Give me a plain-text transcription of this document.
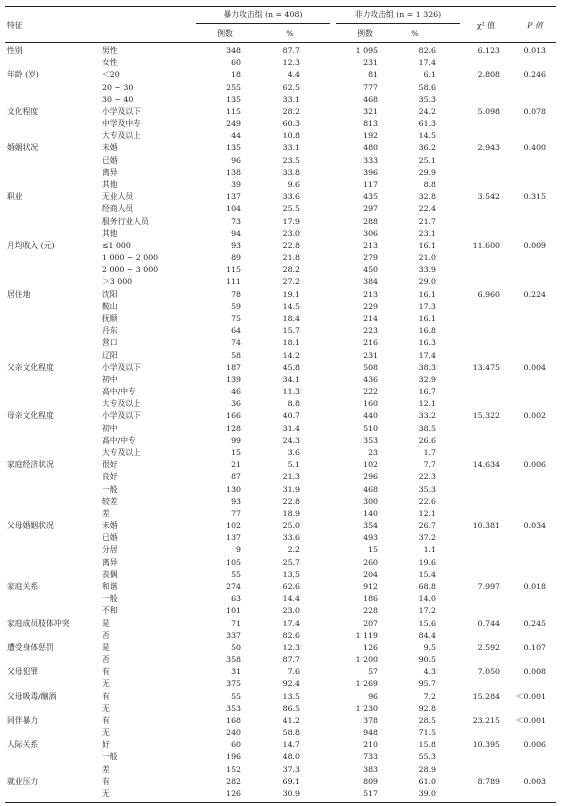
特征
暴力攻击组 (n = 408)	非力攻击组 (n = 1 326)
例数	%	例数	%
χ² 值	P 值
性别	男性	348	87.7	1 095	82.6	6.123	0.013
女性	60	12.3	231	17.4
年龄 (岁)	＜20	18	4.4	81	6.1	2.808	0.246
20 ~ 30	255	62.5	777	58.6
30 ~ 40	135	33.1	468	35.3
文化程度	小学及以下	115	28.2	321	24.2	5.098	0.078
中学及中专	249	60.3	813	61.3
大专及以上	44	10.8	192	14.5
婚姻状况	未婚	135	33.1	480	36.2	2.943	0.400
已婚	96	23.5	333	25.1
离异	138	33.8	396	29.9
其他	39	9.6	117	8.8
职业	无业人员	137	33.6	435	32.8	3.542	0.315
经商人员	104	25.5	297	22.4
服务行业人员	73	17.9	288	21.7
其他	94	23.0	306	23.1
月均收入 (元)	≤1 000	93	22.8	213	16.1	11.600	0.009
1 000 ~ 2 000	89	21.8	279	21.0
2 000 ~ 3 000	115	28.2	450	33.9
＞3 000	111	27.2	384	29.0
居住地	沈阳	78	19.1	213	16.1	6.960	0.224
鞍山	59	14.5	229	17.3
抚顺	75	18.4	214	16.1
丹东	64	15.7	223	16.8
营口	74	18.1	216	16.3
辽阳	58	14.2	231	17.4
父亲文化程度	小学及以下	187	45.8	508	38.3	13.475	0.004
初中	139	34.1	436	32.9
高中/中专	46	11.3	222	16.7
大专及以上	36	8.8	160	12.1
母亲文化程度	小学及以下	166	40.7	440	33.2	15.322	0.002
初中	128	31.4	510	38.5
高中/中专	99	24.3	353	26.6
大专及以上	15	3.6	23	1.7
家庭经济状况	很好	21	5.1	102	7.7	14.634	0.006
良好	87	21.3	296	22.3
一般	130	31.9	468	35.3
较差	93	22.8	300	22.6
差	77	18.9	140	12.1
父母婚姻状况	未婚	102	25.0	354	26.7	10.381	0.034
已婚	137	33.6	493	37.2
分居	9	2.2	15	1.1
离异	105	25.7	260	19.6
丧偶	55	13.5	204	15.4
家庭关系	和谐	274	62.6	912	68.8	7.997	0.018
一般	63	14.4	186	14.0
不和	101	23.0	228	17.2
家庭成员肢体冲突	是	71	17.4	207	15.6	0.744	0.245
否	337	82.6	1 119	84.4
遭受身体惩罚	是	50	12.3	126	9.5	2.592	0.107
否	358	87.7	1 200	90.5
父母犯罪	有	31	7.6	57	4.3	7.050	0.008
无	375	92.4	1 269	95.7
父母吸毒/酗酒	有	55	13.5	96	7.2	15.284	＜0.001
无	353	86.5	1 230	92.8
同伴暴力	有	168	41.2	378	28.5	23.215	＜0.001
无	240	58.8	948	71.5
人际关系	好	60	14.7	210	15.8	10.395	0.006
一般	196	48.0	733	55.3
差	152	37.3	383	28.9
就业压力	有	282	69.1	809	61.0	8.789	0.003
无	126	30.9	517	39.0
